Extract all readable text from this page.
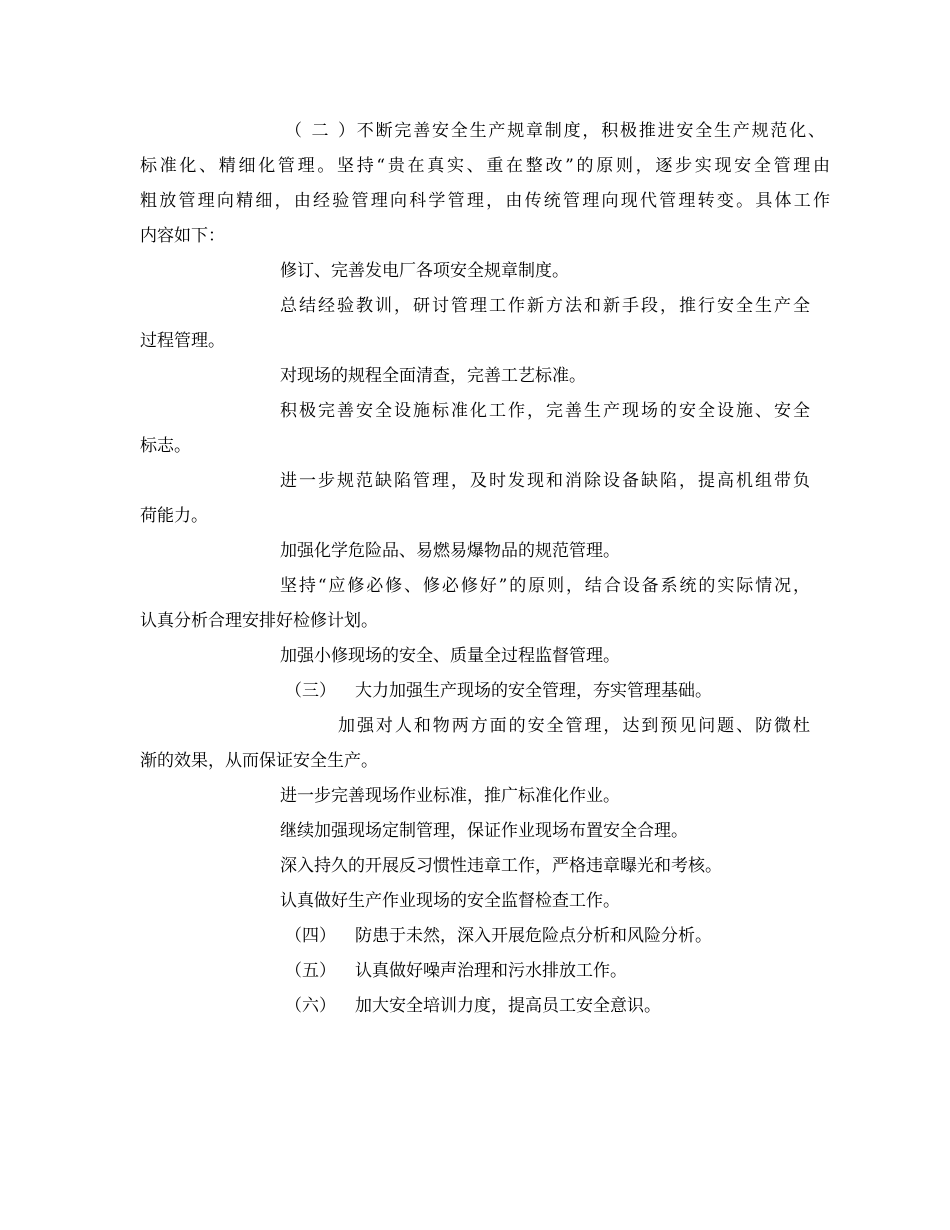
（二）不断完善安全生产规章制度，积极推进安全生产规范化、
标准化、精细化管理。坚持“贵在真实、重在整改”的原则，逐步实现安全管理由
粗放管理向精细，由经验管理向科学管理，由传统管理向现代管理转变。具体工作
内容如下：
修订、完善发电厂各项安全规章制度。
总结经验教训，研讨管理工作新方法和新手段，推行安全生产全
过程管理。
对现场的规程全面清查，完善工艺标准。
积极完善安全设施标准化工作，完善生产现场的安全设施、安全
标志。
进一步规范缺陷管理，及时发现和消除设备缺陷，提高机组带负
荷能力。
加强化学危险品、易燃易爆物品的规范管理。
坚持“应修必修、修必修好”的原则，结合设备系统的实际情况，
认真分析合理安排好检修计划。
加强小修现场的安全、质量全过程监督管理。
（三） 大力加强生产现场的安全管理，夯实管理基础。
加强对人和物两方面的安全管理，达到预见问题、防微杜
渐的效果，从而保证安全生产。
进一步完善现场作业标准，推广标准化作业。
继续加强现场定制管理，保证作业现场布置安全合理。
深入持久的开展反习惯性违章工作，严格违章曝光和考核。
认真做好生产作业现场的安全监督检查工作。
（四） 防患于未然，深入开展危险点分析和风险分析。
（五） 认真做好噪声治理和污水排放工作。
（六） 加大安全培训力度，提高员工安全意识。
